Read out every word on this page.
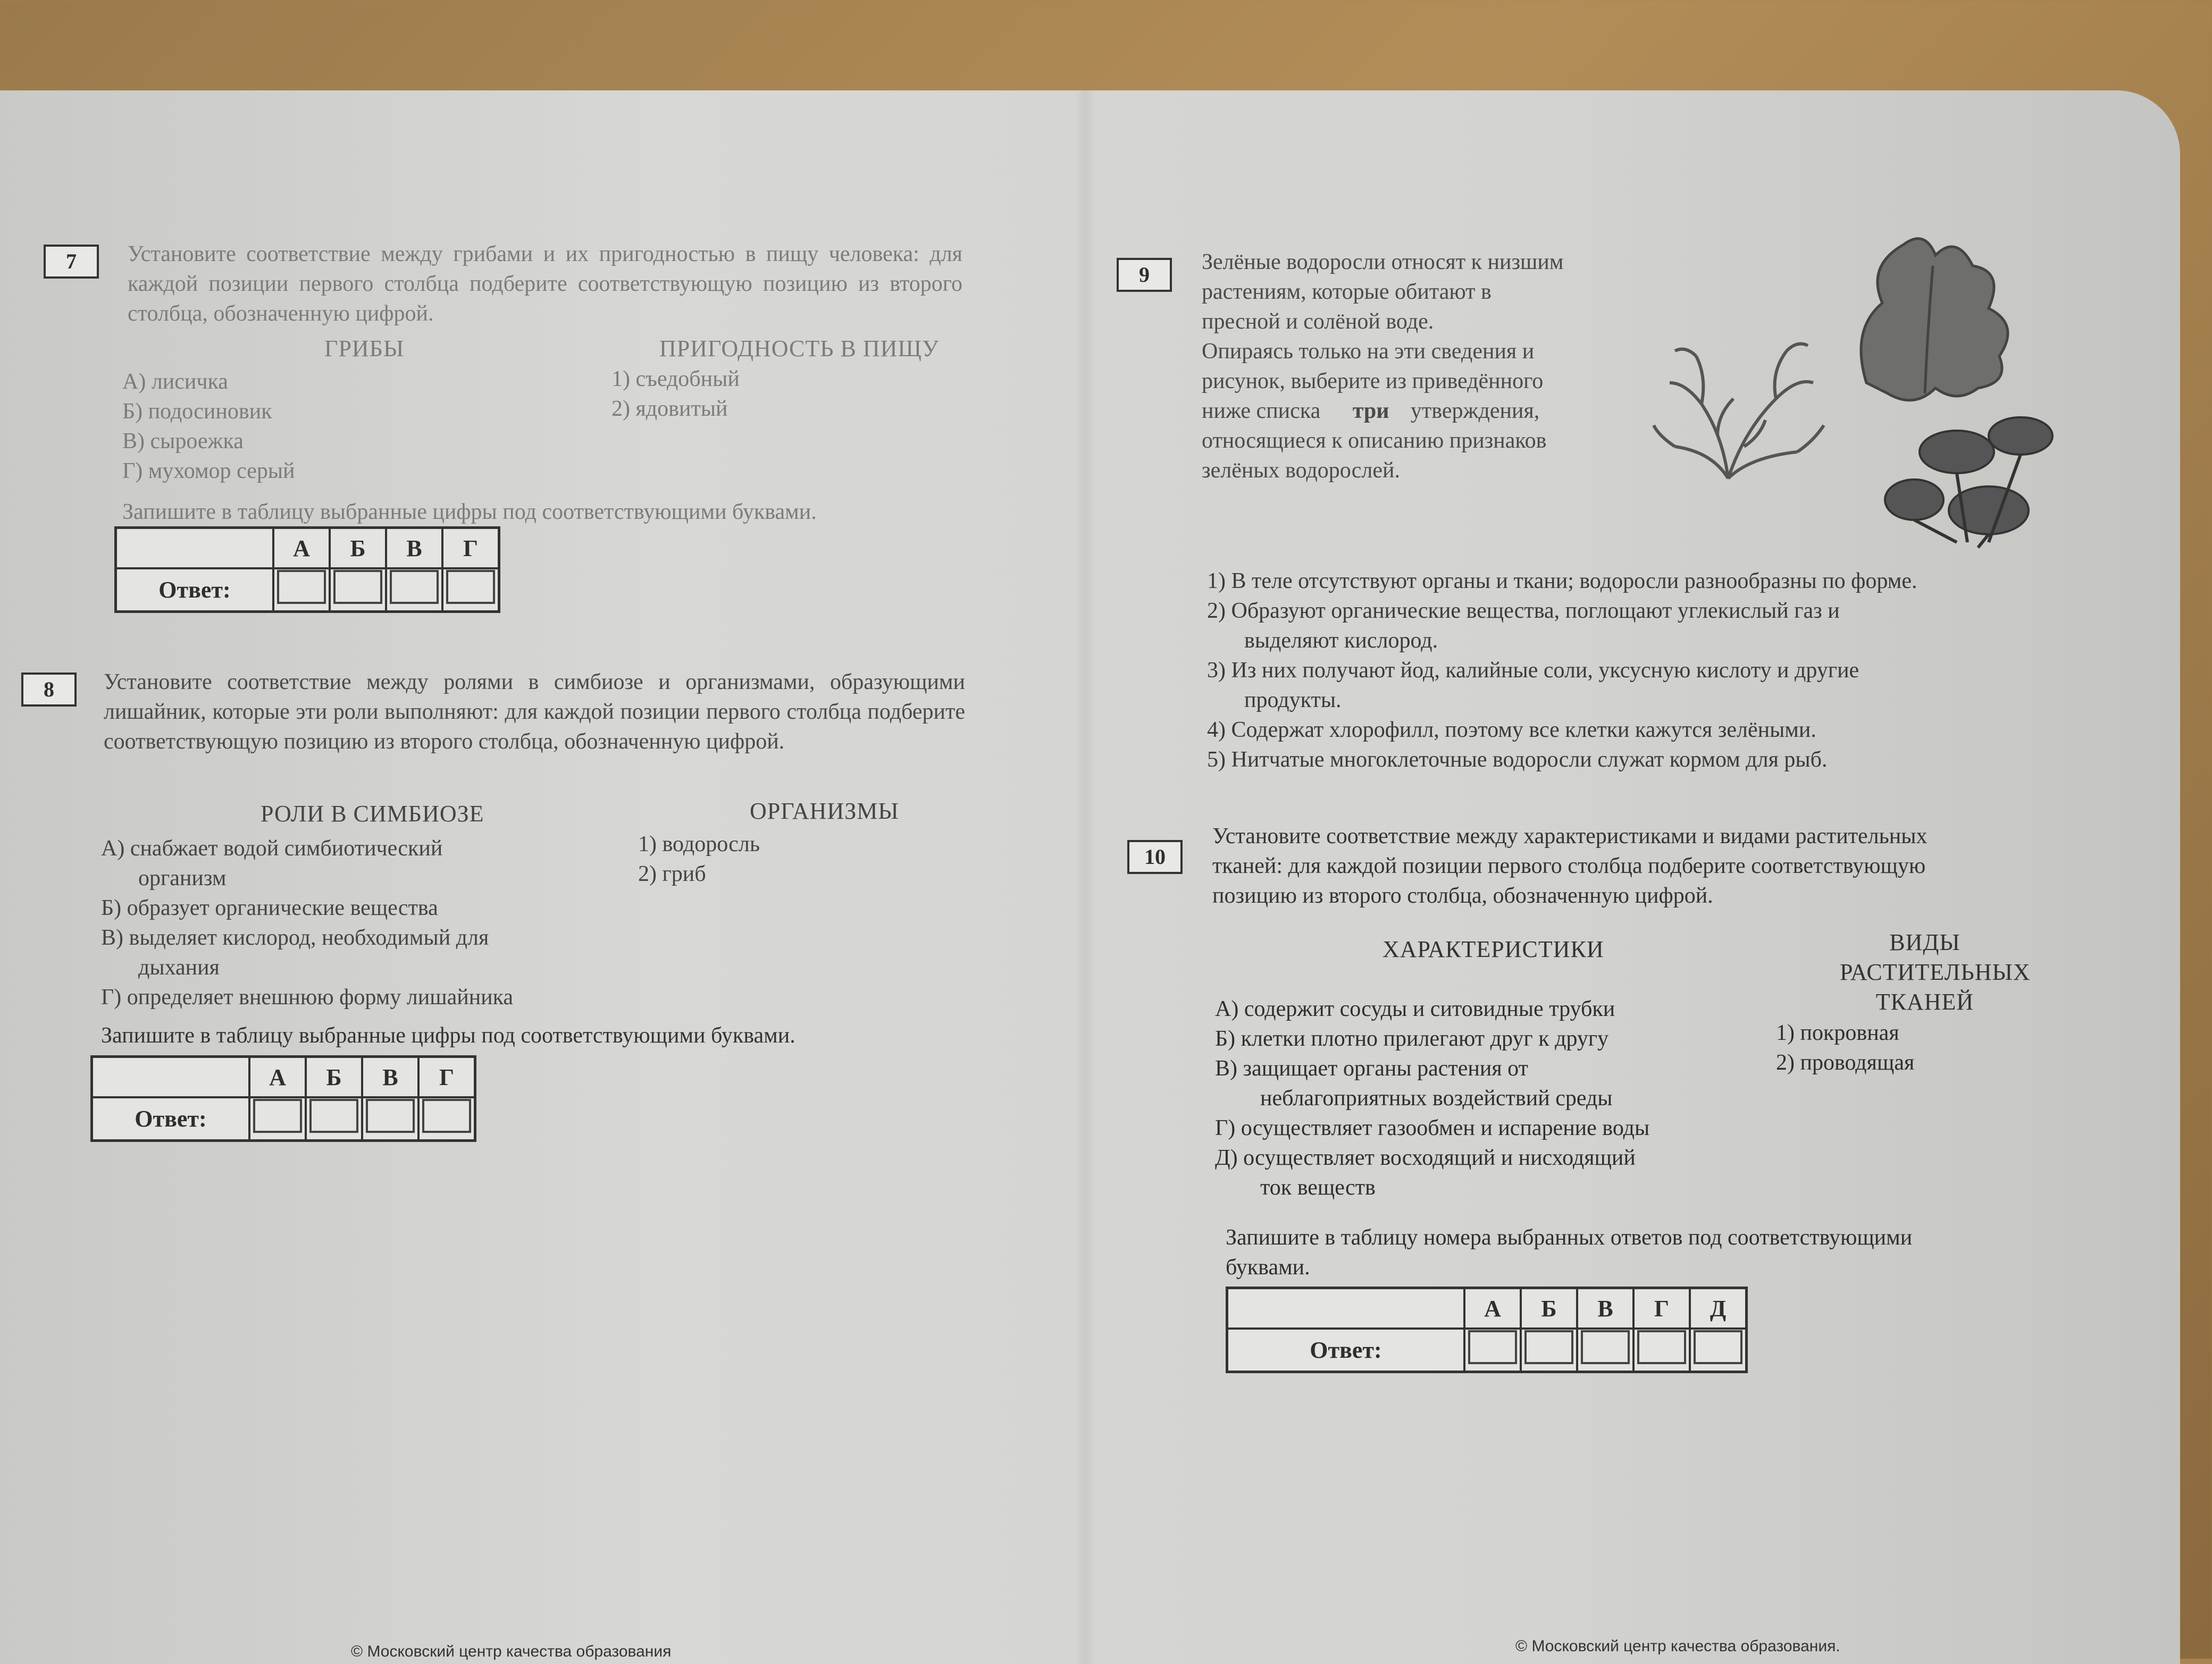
7	Установите соответствие между грибами и их пригодностью в пищу человека: для каждой позиции первого столбца подберите соответствующую позицию из второго столбца, обозначенную цифрой.
ГРИБЫ	ПРИГОДНОСТЬ В ПИЩУ
А) лисичка
Б) подосиновик
В) сыроежка
Г) мухомор серый
1) съедобный
2) ядовитый
Запишите в таблицу выбранные цифры под соответствующими буквами.
	А	Б	В	Г
Ответ:				
8	Установите соответствие между ролями в симбиозе и организмами, образующими лишайник, которые эти роли выполняют: для каждой позиции первого столбца подберите соответствующую позицию из второго столбца, обозначенную цифрой.
РОЛИ В СИМБИОЗЕ	ОРГАНИЗМЫ
А) снабжает водой симбиотический
организм
Б) образует органические вещества
В) выделяет кислород, необходимый для
дыхания
Г) определяет внешнюю форму лишайника
1) водоросль
2) гриб
Запишите в таблицу выбранные цифры под соответствующими буквами.
	А	Б	В	Г
Ответ:				
9
Зелёные водоросли относят к низшим
растениям, которые обитают в
пресной и солёной воде.
Опираясь только на эти сведения и
рисунок, выберите из приведённого
ниже списка три утверждения,
относящиеся к описанию признаков
зелёных водорослей.
1) В теле отсутствуют органы и ткани; водоросли разнообразны по форме.
2) Образуют органические вещества, поглощают углекислый газ и
выделяют кислород.
3) Из них получают йод, калийные соли, уксусную кислоту и другие
продукты.
4) Содержат хлорофилл, поэтому все клетки кажутся зелёными.
5) Нитчатые многоклеточные водоросли служат кормом для рыб.
10
Установите соответствие между характеристиками и видами растительных
тканей: для каждой позиции первого столбца подберите соответствующую
позицию из второго столбца, обозначенную цифрой.
ХАРАКТЕРИСТИКИ	ВИДЫ
РАСТИТЕЛЬНЫХ
ТКАНЕЙ
А) содержит сосуды и ситовидные трубки
Б) клетки плотно прилегают друг к другу
В) защищает органы растения от
неблагоприятных воздействий среды
Г) осуществляет газообмен и испарение воды
Д) осуществляет восходящий и нисходящий
ток веществ
1) покровная
2) проводящая
Запишите в таблицу номера выбранных ответов под соответствующими
буквами.
	А	Б	В	Г	Д
Ответ:					
© Московский центр качества образования	© Московский центр качества образования.
